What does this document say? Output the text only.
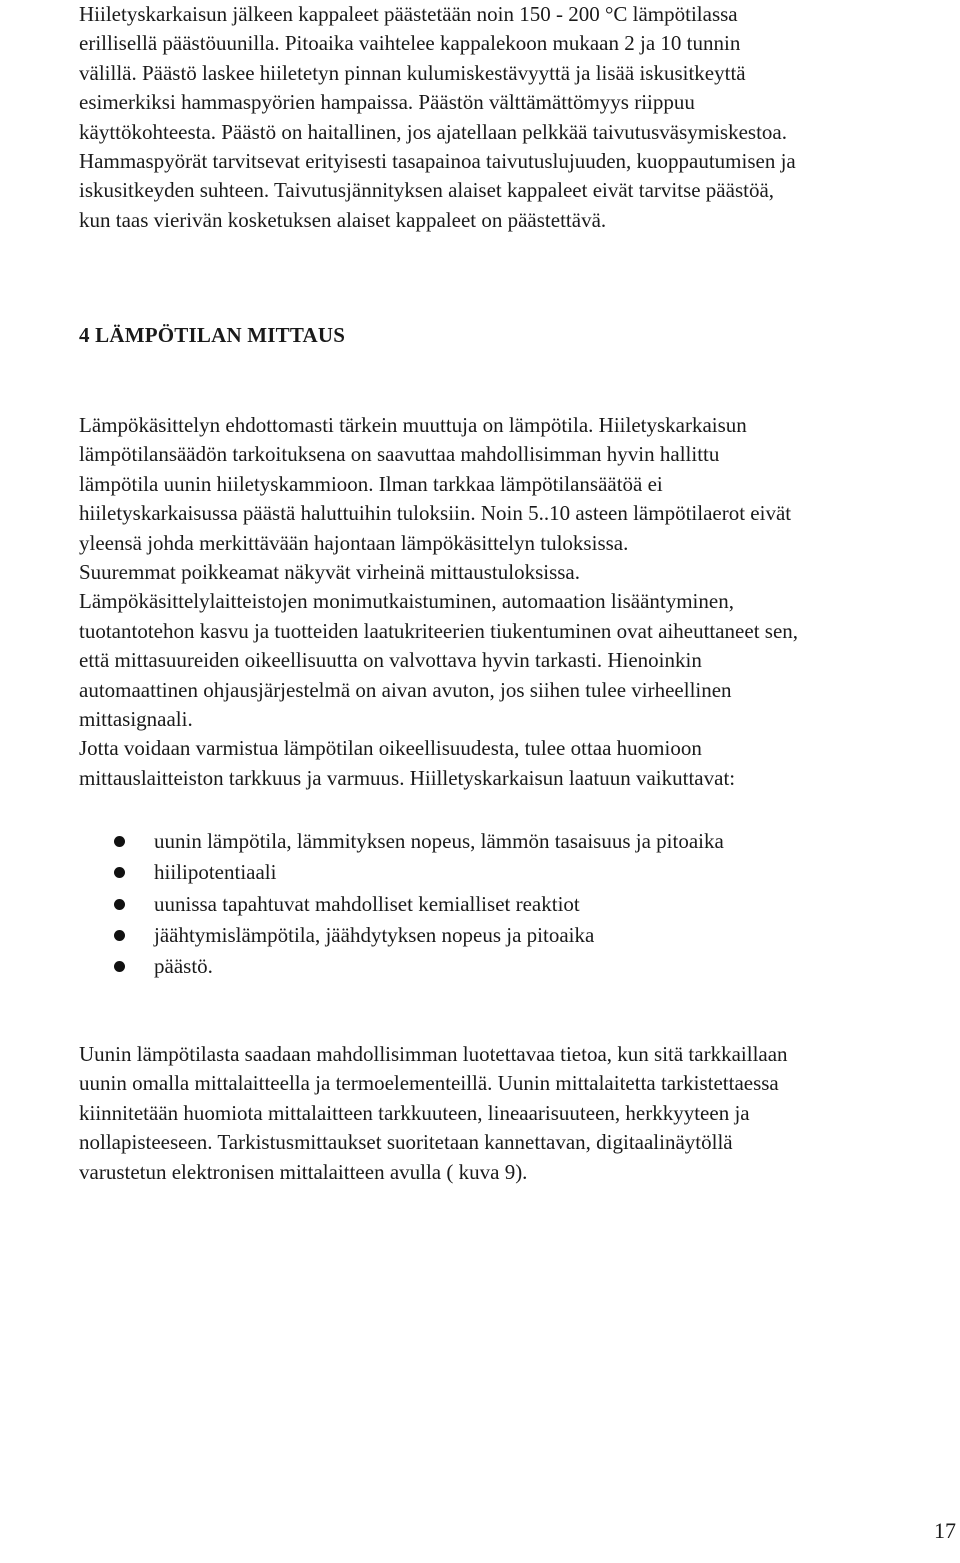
Hiiletyskarkaisun jälkeen kappaleet päästetään noin 150 - 200 °C lämpötilassa
erillisellä päästöuunilla. Pitoaika vaihtelee kappalekoon mukaan 2 ja 10 tunnin
välillä. Päästö laskee hiiletetyn pinnan kulumiskestävyyttä ja lisää iskusitkeyttä
esimerkiksi hammaspyörien hampaissa. Päästön välttämättömyys riippuu
käyttökohteesta. Päästö on haitallinen, jos ajatellaan pelkkää taivutusväsymiskestoa.
Hammaspyörät tarvitsevat erityisesti tasapainoa taivutuslujuuden, kuoppautumisen ja
iskusitkeyden suhteen. Taivutusjännityksen alaiset kappaleet eivät tarvitse päästöä,
kun taas vierivän kosketuksen alaiset kappaleet on päästettävä.

4 LÄMPÖTILAN MITTAUS

Lämpökäsittelyn ehdottomasti tärkein muuttuja on lämpötila. Hiiletyskarkaisun
lämpötilansäädön tarkoituksena on saavuttaa mahdollisimman hyvin hallittu
lämpötila uunin hiiletyskammioon. Ilman tarkkaa lämpötilansäätöä ei
hiiletyskarkaisussa päästä haluttuihin tuloksiin. Noin 5..10 asteen lämpötilaerot eivät
yleensä johda merkittävään hajontaan lämpökäsittelyn tuloksissa.
Suuremmat poikkeamat näkyvät virheinä mittaustuloksissa.
Lämpökäsittelylaitteistojen monimutkaistuminen, automaation lisääntyminen,
tuotantotehon kasvu ja tuotteiden laatukriteerien tiukentuminen ovat aiheuttaneet sen,
että mittasuureiden oikeellisuutta on valvottava hyvin tarkasti. Hienoinkin
automaattinen ohjausjärjestelmä on aivan avuton, jos siihen tulee virheellinen
mittasignaali.
Jotta voidaan varmistua lämpötilan oikeellisuudesta, tulee ottaa huomioon
mittauslaitteiston tarkkuus ja varmuus. Hiilletyskarkaisun laatuun vaikuttavat:

uunin lämpötila, lämmityksen nopeus, lämmön tasaisuus ja pitoaika
hiilipotentiaali
uunissa tapahtuvat mahdolliset kemialliset reaktiot
jäähtymislämpötila, jäähdytyksen nopeus ja pitoaika
päästö.

Uunin lämpötilasta saadaan mahdollisimman luotettavaa tietoa, kun sitä tarkkaillaan
uunin omalla mittalaitteella ja termoelementeillä. Uunin mittalaitetta tarkistettaessa
kiinnitetään huomiota mittalaitteen tarkkuuteen, lineaarisuuteen, herkkyyteen ja
nollapisteeseen. Tarkistusmittaukset suoritetaan kannettavan, digitaalinäytöllä
varustetun elektronisen mittalaitteen avulla ( kuva 9).

17
